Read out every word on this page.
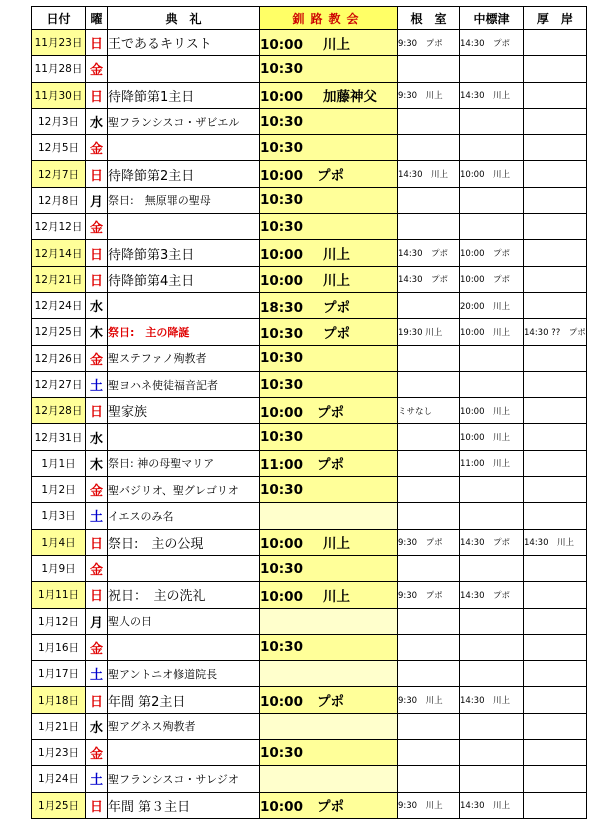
日付	曜	典　礼	釧路教会	根　室	中標津	厚　岸
11月23日	日	王であるキリスト	10:00 川上	9:30　プポ	14:30　プポ	
11月28日	金		10:30			
11月30日	日	待降節第1主日	10:00 加藤神父	9:30　川上	14:30　川上	
12月3日	水	聖フランシスコ・ザビエル	10:30			
12月5日	金		10:30			
12月7日	日	待降節第2主日	10:00 プポ	14:30　川上	10:00　川上	
12月8日	月	祭日:　無原罪の聖母	10:30			
12月12日	金		10:30			
12月14日	日	待降節第3主日	10:00 川上	14:30　プポ	10:00　プポ	
12月21日	日	待降節第4主日	10:00 川上	14:30　プポ	10:00　プポ	
12月24日	水		18:30 プポ		20:00　川上	
12月25日	木	祭日:　主の降誕	10:30 プポ	19:30 川上	10:00　川上	14:30 ??　プポ
12月26日	金	聖ステファノ殉教者	10:30			
12月27日	土	聖ヨハネ使徒福音記者	10:30			
12月28日	日	聖家族	10:00 プポ	ミサなし	10:00　川上	
12月31日	水		10:30		10:00　川上	
1月1日	木	祭日: 神の母聖マリア	11:00 プポ		11:00　川上	
1月2日	金	聖バジリオ、聖グレゴリオ	10:30			
1月3日	土	イエスのみ名				
1月4日	日	祭日:　主の公現	10:00 川上	9:30　プポ	14:30　プポ	14:30　川上
1月9日	金		10:30			
1月11日	日	祝日：　主の洗礼	10:00 川上	9:30　プポ	14:30　プポ	
1月12日	月	聖人の日				
1月16日	金		10:30			
1月17日	土	聖アントニオ修道院長				
1月18日	日	年間 第2主日	10:00 プポ	9:30　川上	14:30　川上	
1月21日	水	聖アグネス殉教者				
1月23日	金		10:30			
1月24日	土	聖フランシスコ・サレジオ				
1月25日	日	年間 第３主日	10:00 プポ	9:30　川上	14:30　川上	
